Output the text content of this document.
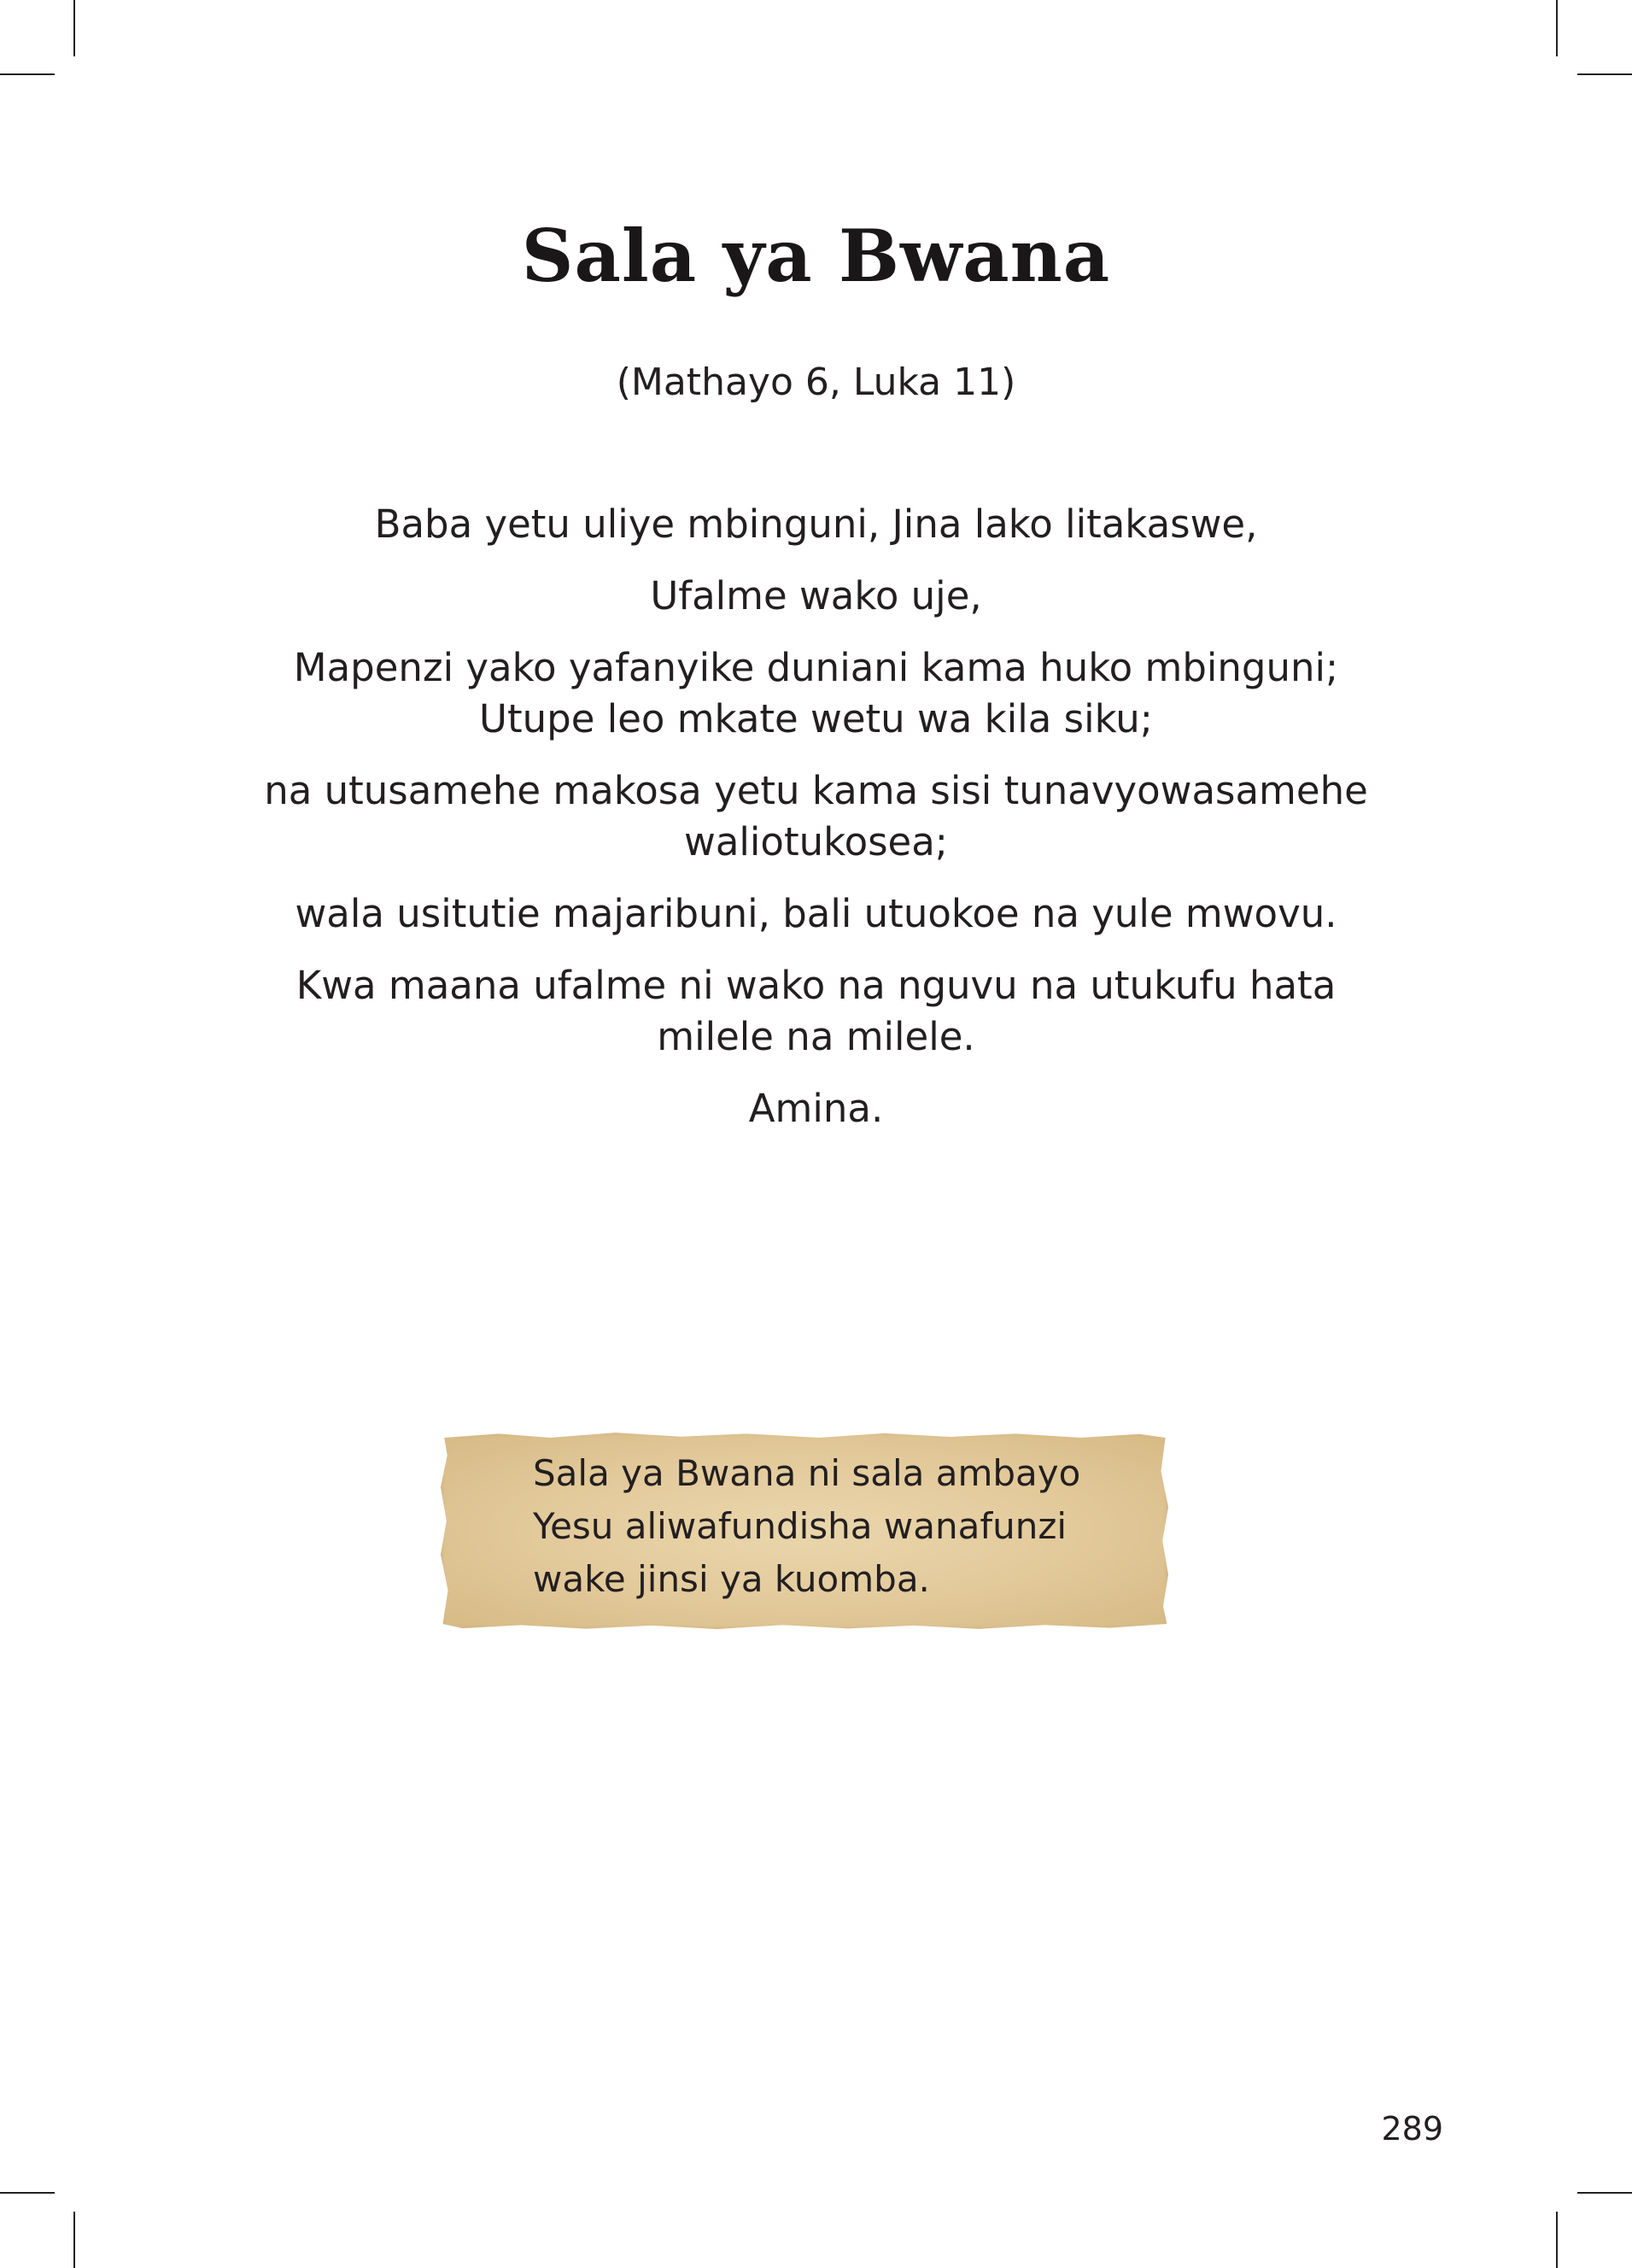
Sala ya Bwana
(Mathayo 6, Luka 11)
Baba yetu uliye mbinguni, Jina lako litakaswe,
Ufalme wako uje,
Mapenzi yako yafanyike duniani kama huko mbinguni;
Utupe leo mkate wetu wa kila siku;
na utusamehe makosa yetu kama sisi tunavyowasamehe
waliotukosea;
wala usitutie majaribuni, bali utuokoe na yule mwovu.
Kwa maana ufalme ni wako na nguvu na utukufu hata
milele na milele.
Amina.
Sala ya Bwana ni sala ambayo
Yesu aliwafundisha wanafunzi
wake jinsi ya kuomba.
289
